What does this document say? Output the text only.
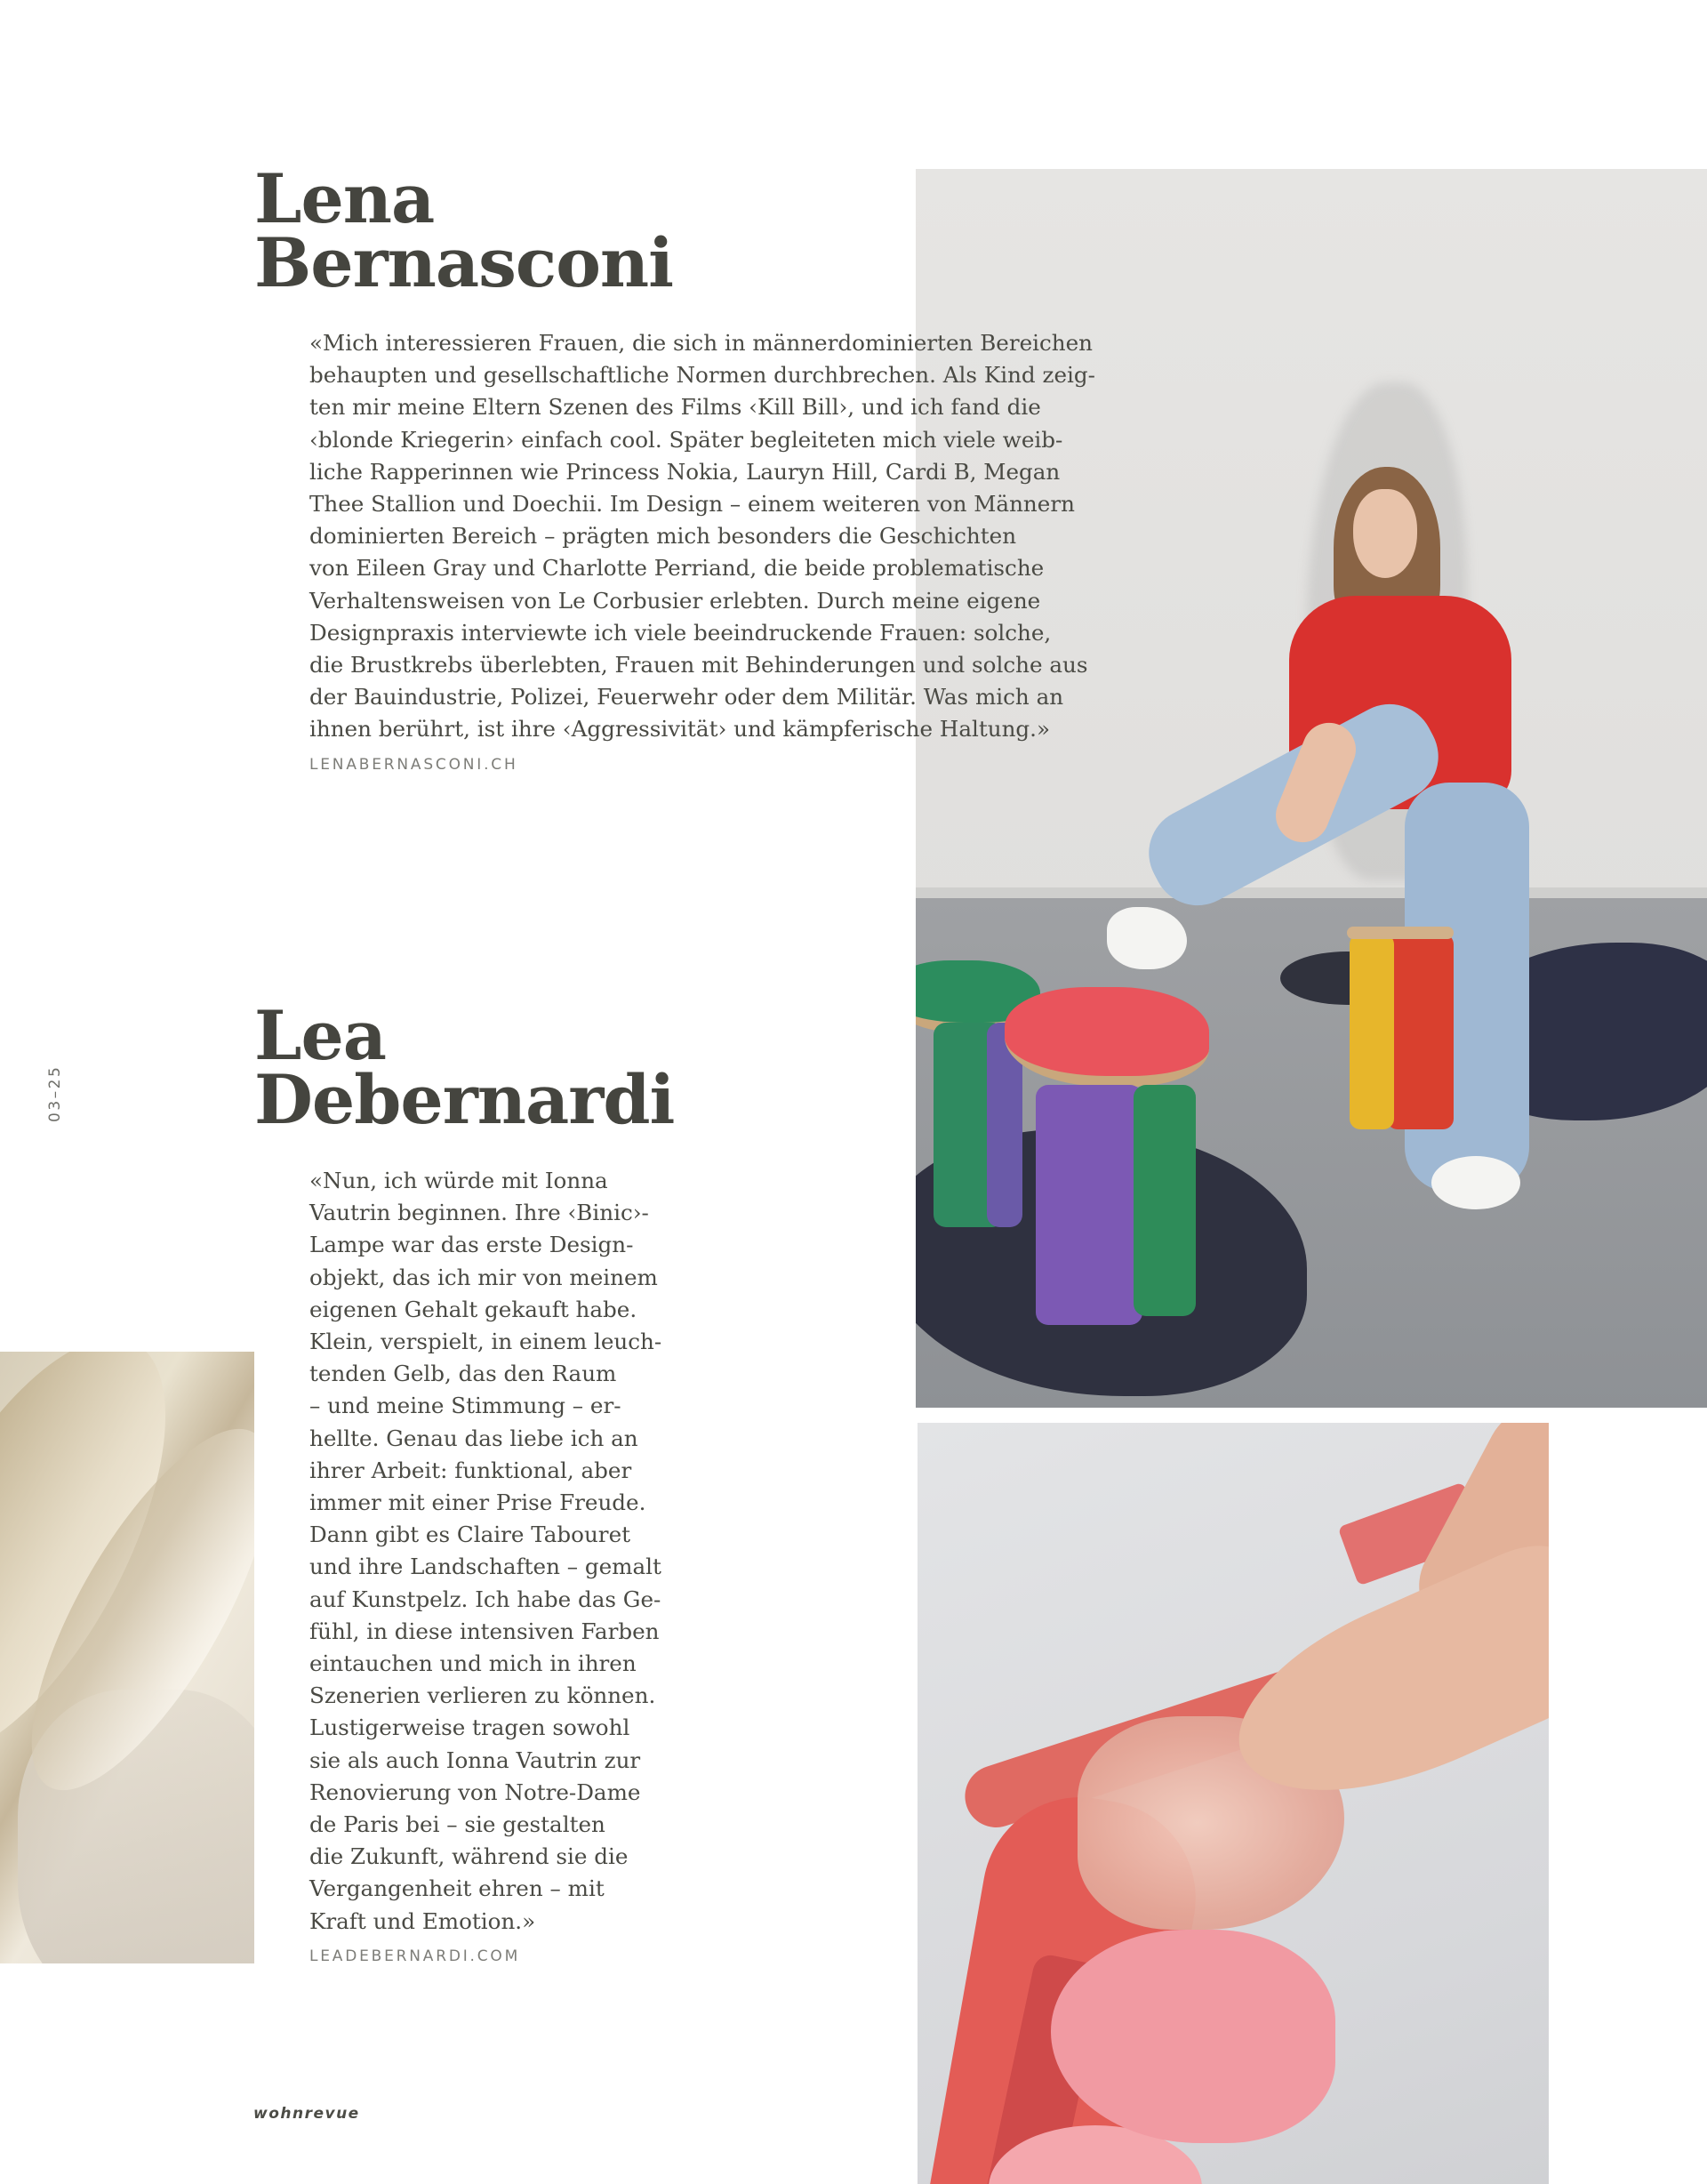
Lena
Bernasconi

«Mich interessieren Frauen, die sich in männerdominierten Bereichen
behaupten und gesellschaftliche Normen durchbrechen. Als Kind zeig-
ten mir meine Eltern Szenen des Films ‹Kill Bill›, und ich fand die
‹blonde Kriegerin› einfach cool. Später begleiteten mich viele weib-
liche Rapperinnen wie Princess Nokia, Lauryn Hill, Cardi B, Megan
Thee Stallion und Doechii. Im Design – einem weiteren von Männern
dominierten Bereich – prägten mich besonders die Geschichten
von Eileen Gray und Charlotte Perriand, die beide problematische
Verhaltensweisen von Le Corbusier erlebten. Durch meine eigene
Designpraxis interviewte ich viele beeindruckende Frauen: solche,
die Brustkrebs überlebten, Frauen mit Behinderungen und solche aus
der Bauindustrie, Polizei, Feuerwehr oder dem Militär. Was mich an
ihnen berührt, ist ihre ‹Aggressivität› und kämpferische Haltung.»

LENABERNASCONI.CH

Lea
Debernardi

«Nun, ich würde mit Ionna
Vautrin beginnen. Ihre ‹Binic›-
Lampe war das erste Design-
objekt, das ich mir von meinem
eigenen Gehalt gekauft habe.
Klein, verspielt, in einem leuch-
tenden Gelb, das den Raum
– und meine Stimmung – er-
hellte. Genau das liebe ich an
ihrer Arbeit: funktional, aber
immer mit einer Prise Freude.
Dann gibt es Claire Tabouret
und ihre Landschaften – gemalt
auf Kunstpelz. Ich habe das Ge-
fühl, in diese intensiven Farben
eintauchen und mich in ihren
Szenerien verlieren zu können.
Lustigerweise tragen sowohl
sie als auch Ionna Vautrin zur
Renovierung von Notre-Dame
de Paris bei – sie gestalten
die Zukunft, während sie die
Vergangenheit ehren – mit
Kraft und Emotion.»

LEADEBERNARDI.COM

03–25
wohnrevue
